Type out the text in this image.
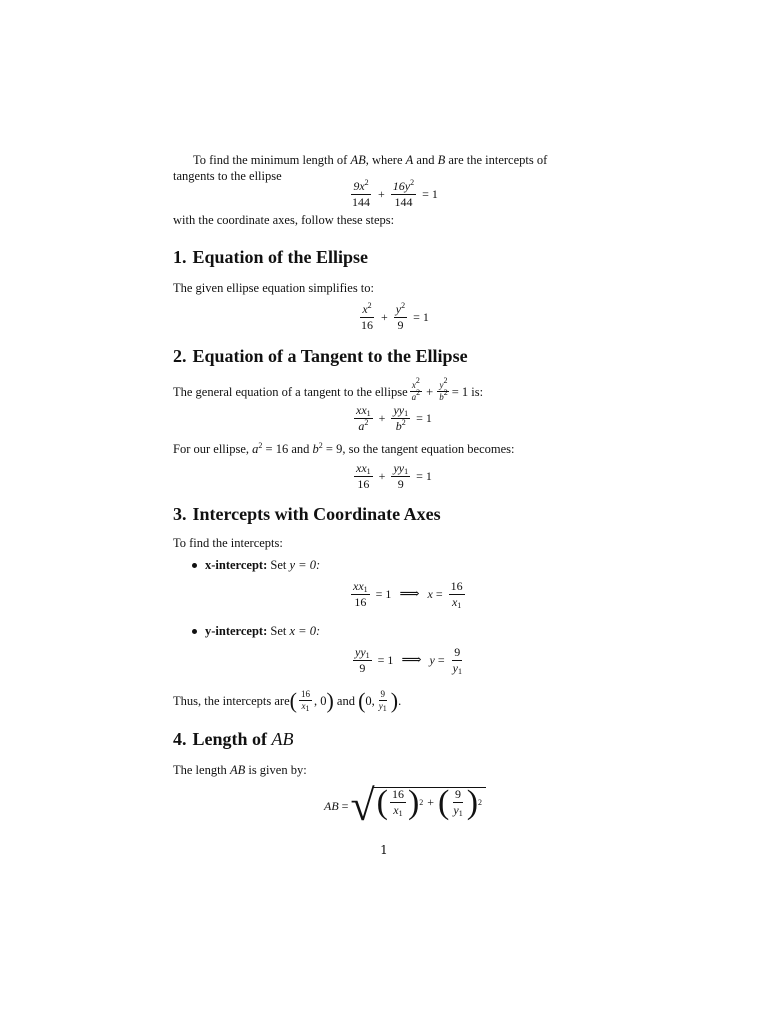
To find the minimum length of AB, where A and B are the intercepts of
tangents to the ellipse
$\frac{9x^2}{144} + \frac{16y^2}{144} = 1$
with the coordinate axes, follow these steps:
1. Equation of the Ellipse
The given ellipse equation simplifies to:
$\frac{x^2}{16} + \frac{y^2}{9} = 1$
2. Equation of a Tangent to the Ellipse
The general equation of a tangent to the ellipse $\frac{x^2}{a^2} + \frac{y^2}{b^2} = 1$ is:
$\frac{xx_1}{a^2} + \frac{yy_1}{b^2} = 1$
For our ellipse, $a^2 = 16$ and $b^2 = 9$, so the tangent equation becomes:
$\frac{xx_1}{16} + \frac{yy_1}{9} = 1$
3. Intercepts with Coordinate Axes
To find the intercepts:
x-intercept: Set y = 0:
$\frac{xx_1}{16} = 1$ ⟹ $x = \frac{16}{x_1}$
y-intercept: Set x = 0:
$\frac{yy_1}{9} = 1$ ⟹ $y = \frac{9}{y_1}$
Thus, the intercepts are ( $\frac{16}{x_1}$ , 0 ) and ( 0, $\frac{9}{y_1}$ ) .
4. Length of AB
The length AB is given by:
AB = √ ( $\frac{16}{x_1}$ ) 2 + ( $\frac{9}{y_1}$ ) 2
1
